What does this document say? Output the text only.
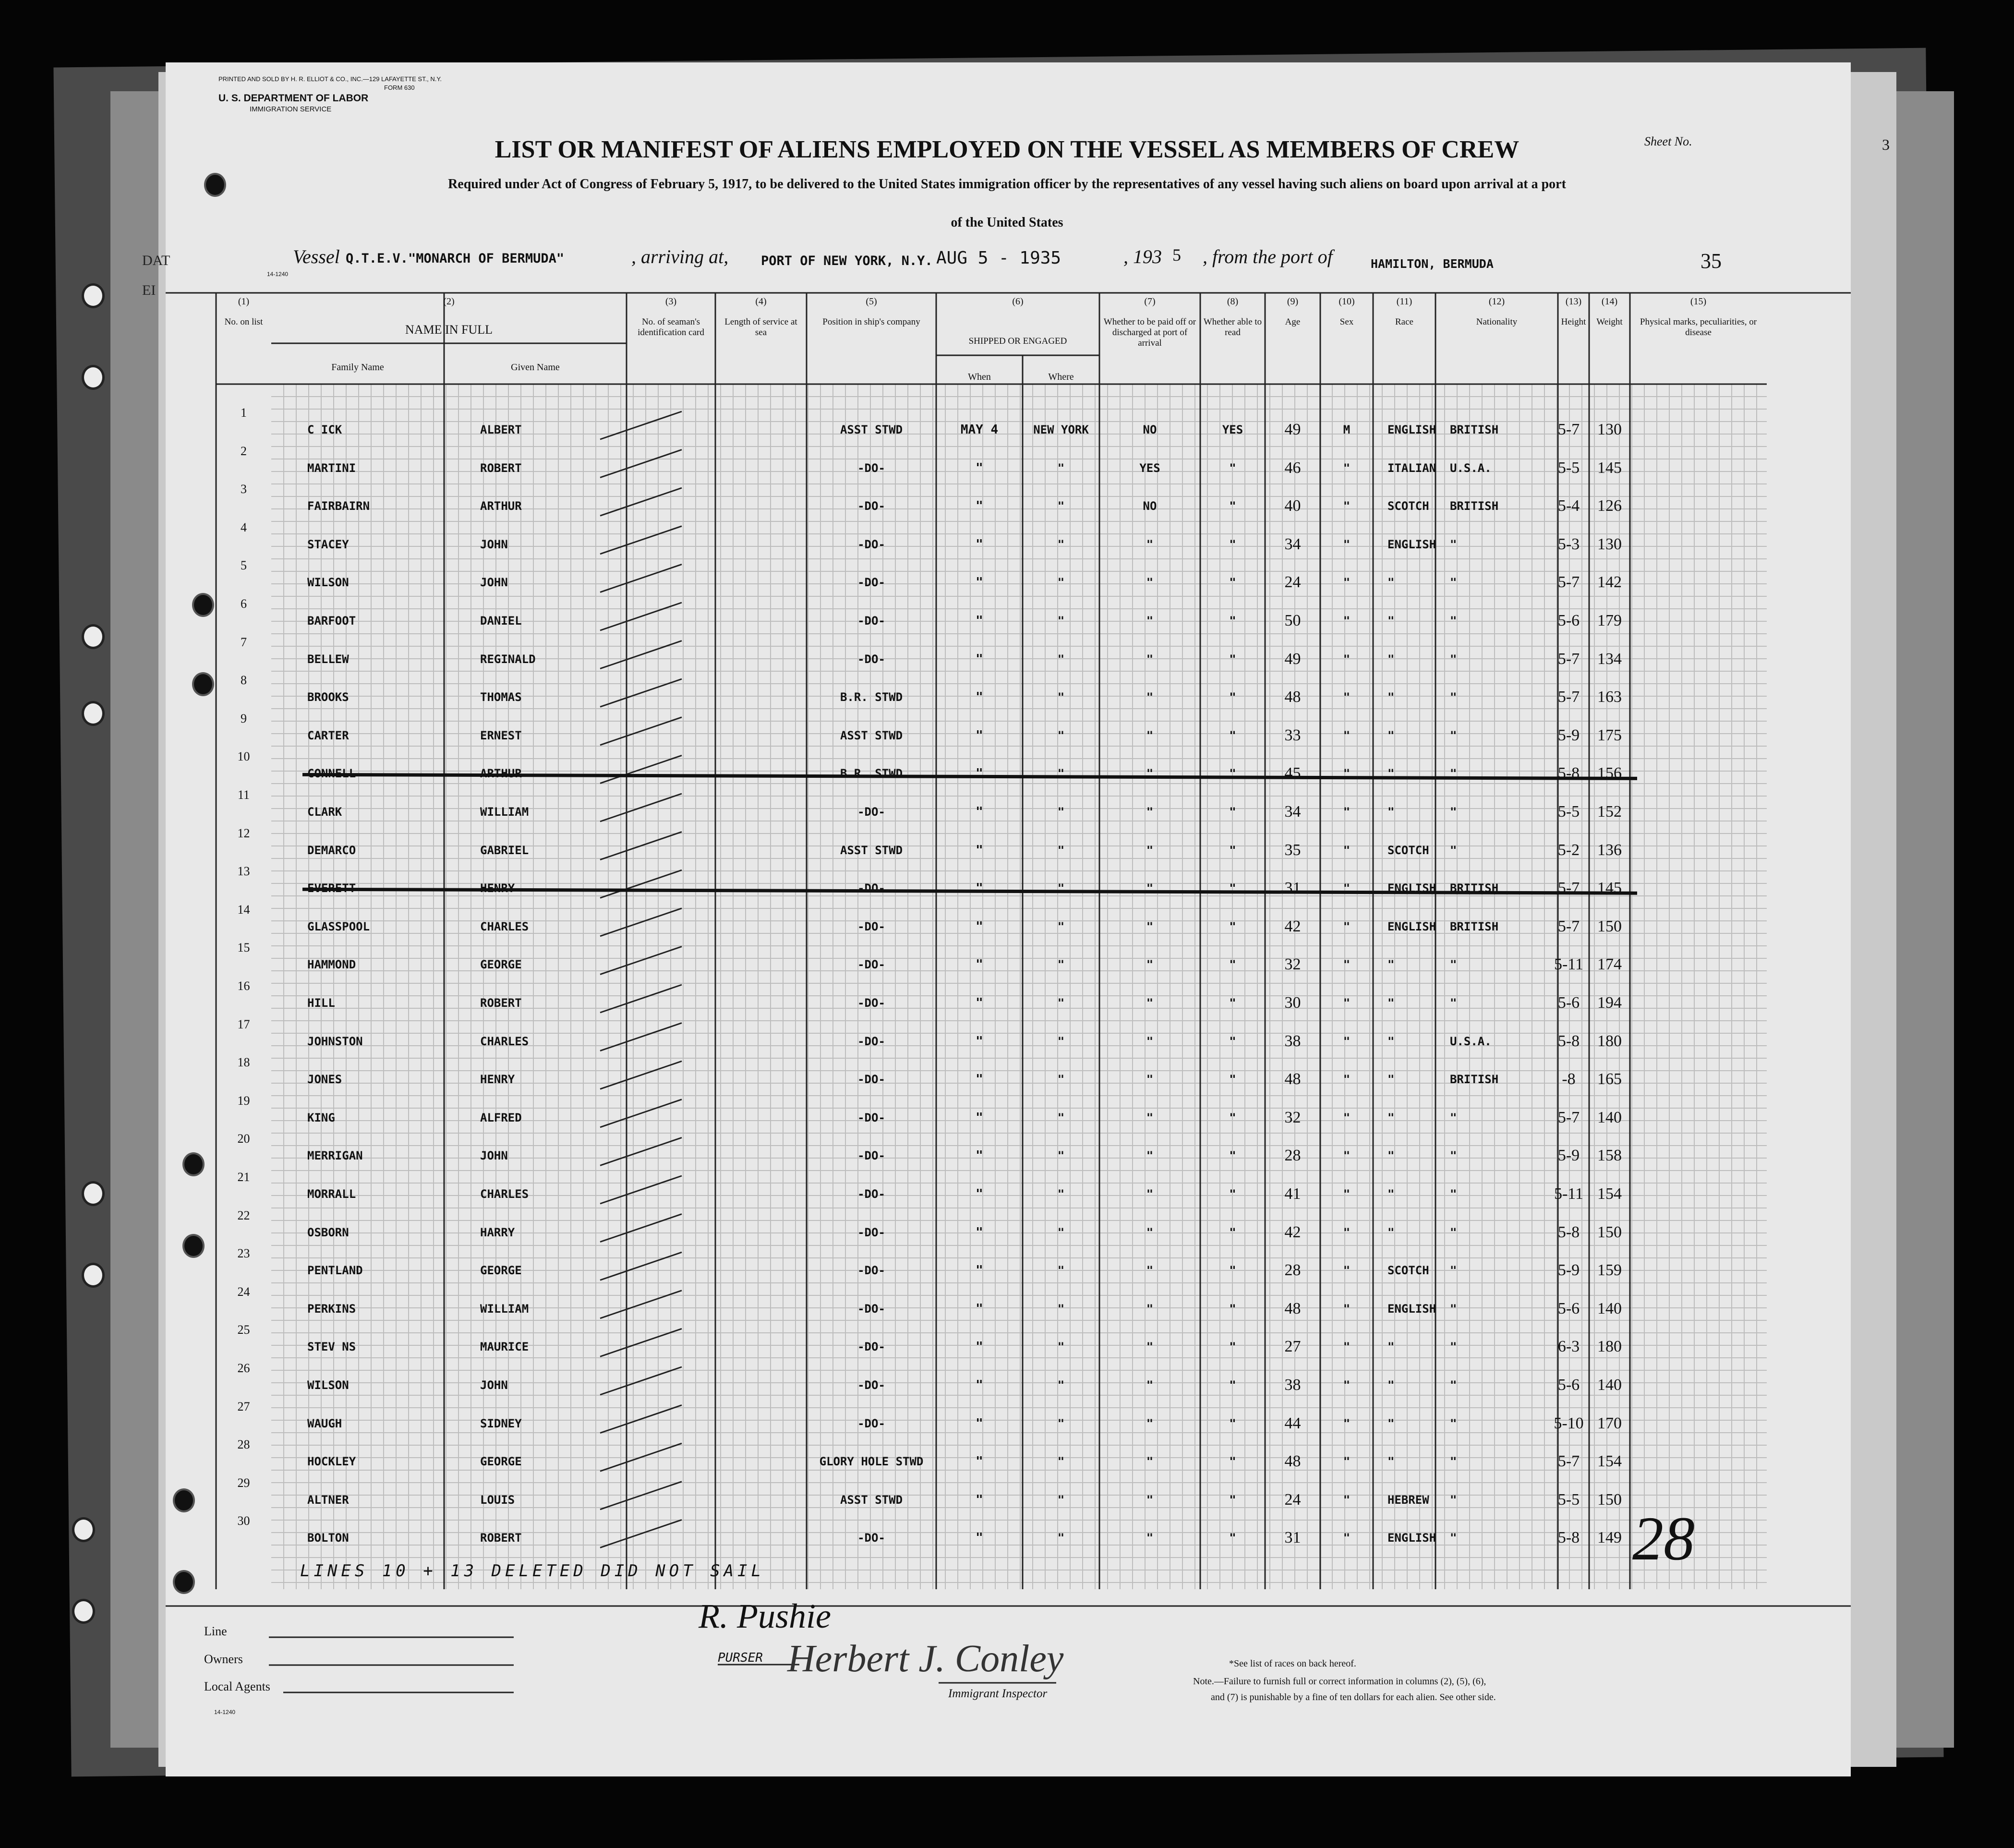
DAT
EI
PRINTED AND SOLD BY H. R. ELLIOT & CO., INC.—129 LAFAYETTE ST., N.Y.
FORM 630
U. S. DEPARTMENT OF LABOR
IMMIGRATION SERVICE
Sheet No.	3
LIST OR MANIFEST OF ALIENS EMPLOYED ON THE VESSEL AS MEMBERS OF CREW
Required under Act of Congress of February 5, 1917, to be delivered to the United States immigration officer by the representatives of any vessel having such aliens on board upon arrival at a port
of the United States
Vessel Q.T.E.V."MONARCH OF BERMUDA"	, arriving at,	PORT OF NEW YORK, N.Y. AUG 5 - 1935	, 193 5 , from the port of	HAMILTON, BERMUDA	35
14-1240
(1)
No. on list
(2)
NAME IN FULL
(3)
No. of seaman's identification card
(4)
Length of service at sea
(5)
Position in ship's company
(6)
SHIPPED OR ENGAGED
(7)
Whether to be paid off or discharged at port of arrival
(8)
Whether able to read
(9)
Age
(10)
Sex
(11)
Race
(12)
Nationality
(13)
Height
(14)
Weight
(15)
Physical marks, peculiarities, or disease
Family Name	Given Name
When	Where
1
C ICK	ALBERT	ASST STWD	MAY 4	NEW YORK	NO	YES	49	M	ENGLISH	BRITISH	5-7	130
2
MARTINI	ROBERT	-DO-	"	"	YES	"	46	"	ITALIAN	U.S.A.	5-5	145
3
FAIRBAIRN	ARTHUR	-DO-	"	"	NO	"	40	"	SCOTCH	BRITISH	5-4	126
4
STACEY	JOHN	-DO-	"	"	"	"	34	"	ENGLISH	"	5-3	130
5
WILSON	JOHN	-DO-	"	"	"	"	24	"	"	"	5-7	142
6
BARFOOT	DANIEL	-DO-	"	"	"	"	50	"	"	"	5-6	179
7
BELLEW	REGINALD	-DO-	"	"	"	"	49	"	"	"	5-7	134
8
BROOKS	THOMAS	B.R. STWD	"	"	"	"	48	"	"	"	5-7	163
9
CARTER	ERNEST	ASST STWD	"	"	"	"	33	"	"	"	5-9	175
10
CONNELL	ARTHUR	B.R. STWD	"	"	"	"	45	"	"	"	5-8	156
11
CLARK	WILLIAM	-DO-	"	"	"	"	34	"	"	"	5-5	152
12
DEMARCO	GABRIEL	ASST STWD	"	"	"	"	35	"	SCOTCH	"	5-2	136
13
EVERETT	HENRY	-DO-	"	"	"	"	31	"	ENGLISH	BRITISH	5-7	145
14
GLASSPOOL	CHARLES	-DO-	"	"	"	"	42	"	ENGLISH	BRITISH	5-7	150
15
HAMMOND	GEORGE	-DO-	"	"	"	"	32	"	"	"	5-11 174
16
HILL	ROBERT	-DO-	"	"	"	"	30	"	"	"	5-6	194
17
JOHNSTON	CHARLES	-DO-	"	"	"	"	38	"	"	U.S.A.	5-8	180
18
JONES	HENRY	-DO-	"	"	"	"	48	"	"	BRITISH	-8	165
19
KING	ALFRED	-DO-	"	"	"	"	32	"	"	"	5-7	140
20
MERRIGAN	JOHN	-DO-	"	"	"	"	28	"	"	"	5-9	158
21
MORRALL	CHARLES	-DO-	"	"	"	"	41	"	"	"	5-11 154
22
OSBORN	HARRY	-DO-	"	"	"	"	42	"	"	"	5-8	150
23
PENTLAND	GEORGE	-DO-	"	"	"	"	28	"	SCOTCH	"	5-9	159
24
PERKINS	WILLIAM	-DO-	"	"	"	"	48	"	ENGLISH	"	5-6	140
25
STEV NS	MAURICE	-DO-	"	"	"	"	27	"	"	"	6-3	180
26
WILSON	JOHN	-DO-	"	"	"	"	38	"	"	"	5-6	140
27
WAUGH	SIDNEY	-DO-	"	"	"	"	44	"	"	"	5-10 170
28
HOCKLEY	GEORGE	GLORY HOLE STWD	"	"	"	"	48	"	"	"	5-7	154
29
ALTNER	LOUIS	ASST STWD	"	"	"	"	24	"	HEBREW	"	5-5	150
30
BOLTON	ROBERT	-DO-	"	"	"	"	31	"	ENGLISH	"	5-8	149
LINES 10 + 13 DELETED DID NOT SAIL	28
Line
Owners
Local Agents
14-1240
R. Pushie
PURSER Herbert J. Conley
Immigrant Inspector
*See list of races on back hereof.
Note.—Failure to furnish full or correct information in columns (2), (5), (6),
and (7) is punishable by a fine of ten dollars for each alien. See other side.
